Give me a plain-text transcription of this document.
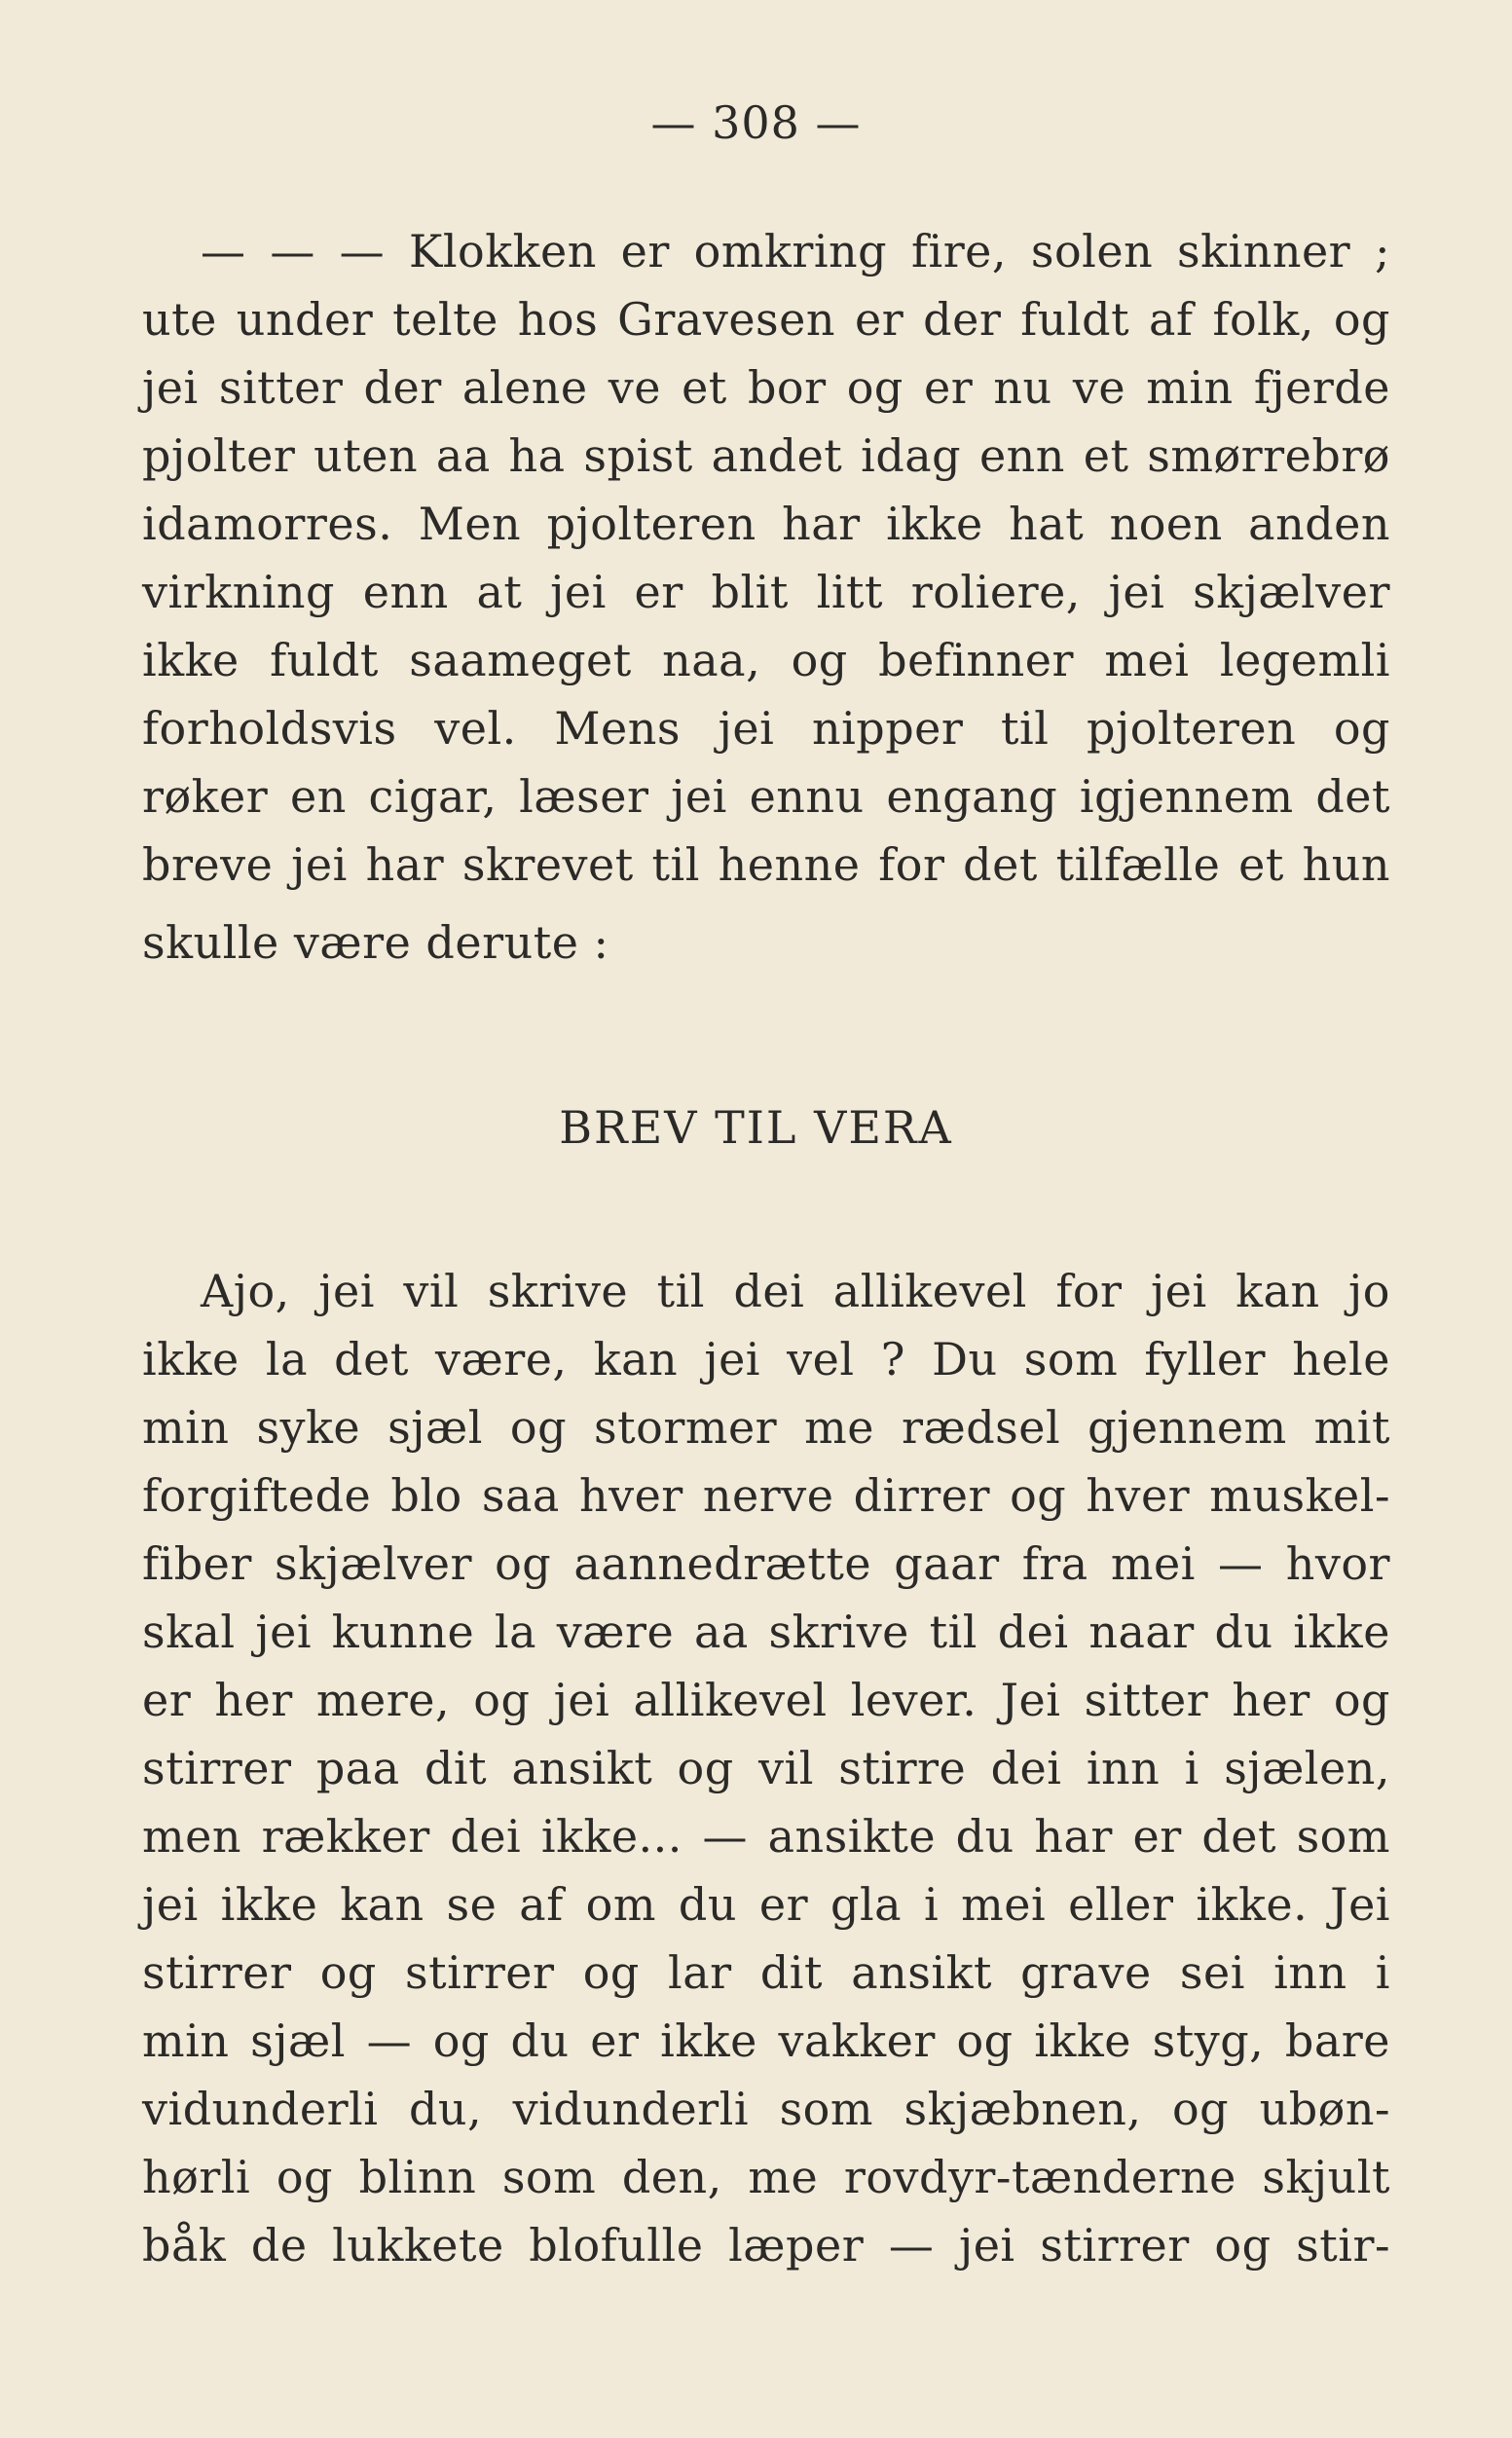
— 308 —
— — — Klokken er omkring fire, solen skinner ;
ute under telte hos Gravesen er der fuldt af folk, og
jei sitter der alene ve et bor og er nu ve min fjerde
pjolter uten aa ha spist andet idag enn et smørrebrø
idamorres. Men pjolteren har ikke hat noen anden
virkning enn at jei er blit litt roliere, jei skjælver
ikke fuldt saameget naa, og befinner mei legemli
forholdsvis vel. Mens jei nipper til pjolteren og
røker en cigar, læser jei ennu engang igjennem det
breve jei har skrevet til henne for det tilfælle et hun
skulle være derute :
BREV TIL VERA
Ajo, jei vil skrive til dei allikevel for jei kan jo
ikke la det være, kan jei vel ? Du som fyller hele
min syke sjæl og stormer me rædsel gjennem mit
forgiftede blo saa hver nerve dirrer og hver muskel-
fiber skjælver og aannedrætte gaar fra mei — hvor
skal jei kunne la være aa skrive til dei naar du ikke
er her mere, og jei allikevel lever. Jei sitter her og
stirrer paa dit ansikt og vil stirre dei inn i sjælen,
men rækker dei ikke... — ansikte du har er det som
jei ikke kan se af om du er gla i mei eller ikke. Jei
stirrer og stirrer og lar dit ansikt grave sei inn i
min sjæl — og du er ikke vakker og ikke styg, bare
vidunderli du, vidunderli som skjæbnen, og ubøn-
hørli og blinn som den, me rovdyr-tænderne skjult
båk de lukkete blofulle læper — jei stirrer og stir-
